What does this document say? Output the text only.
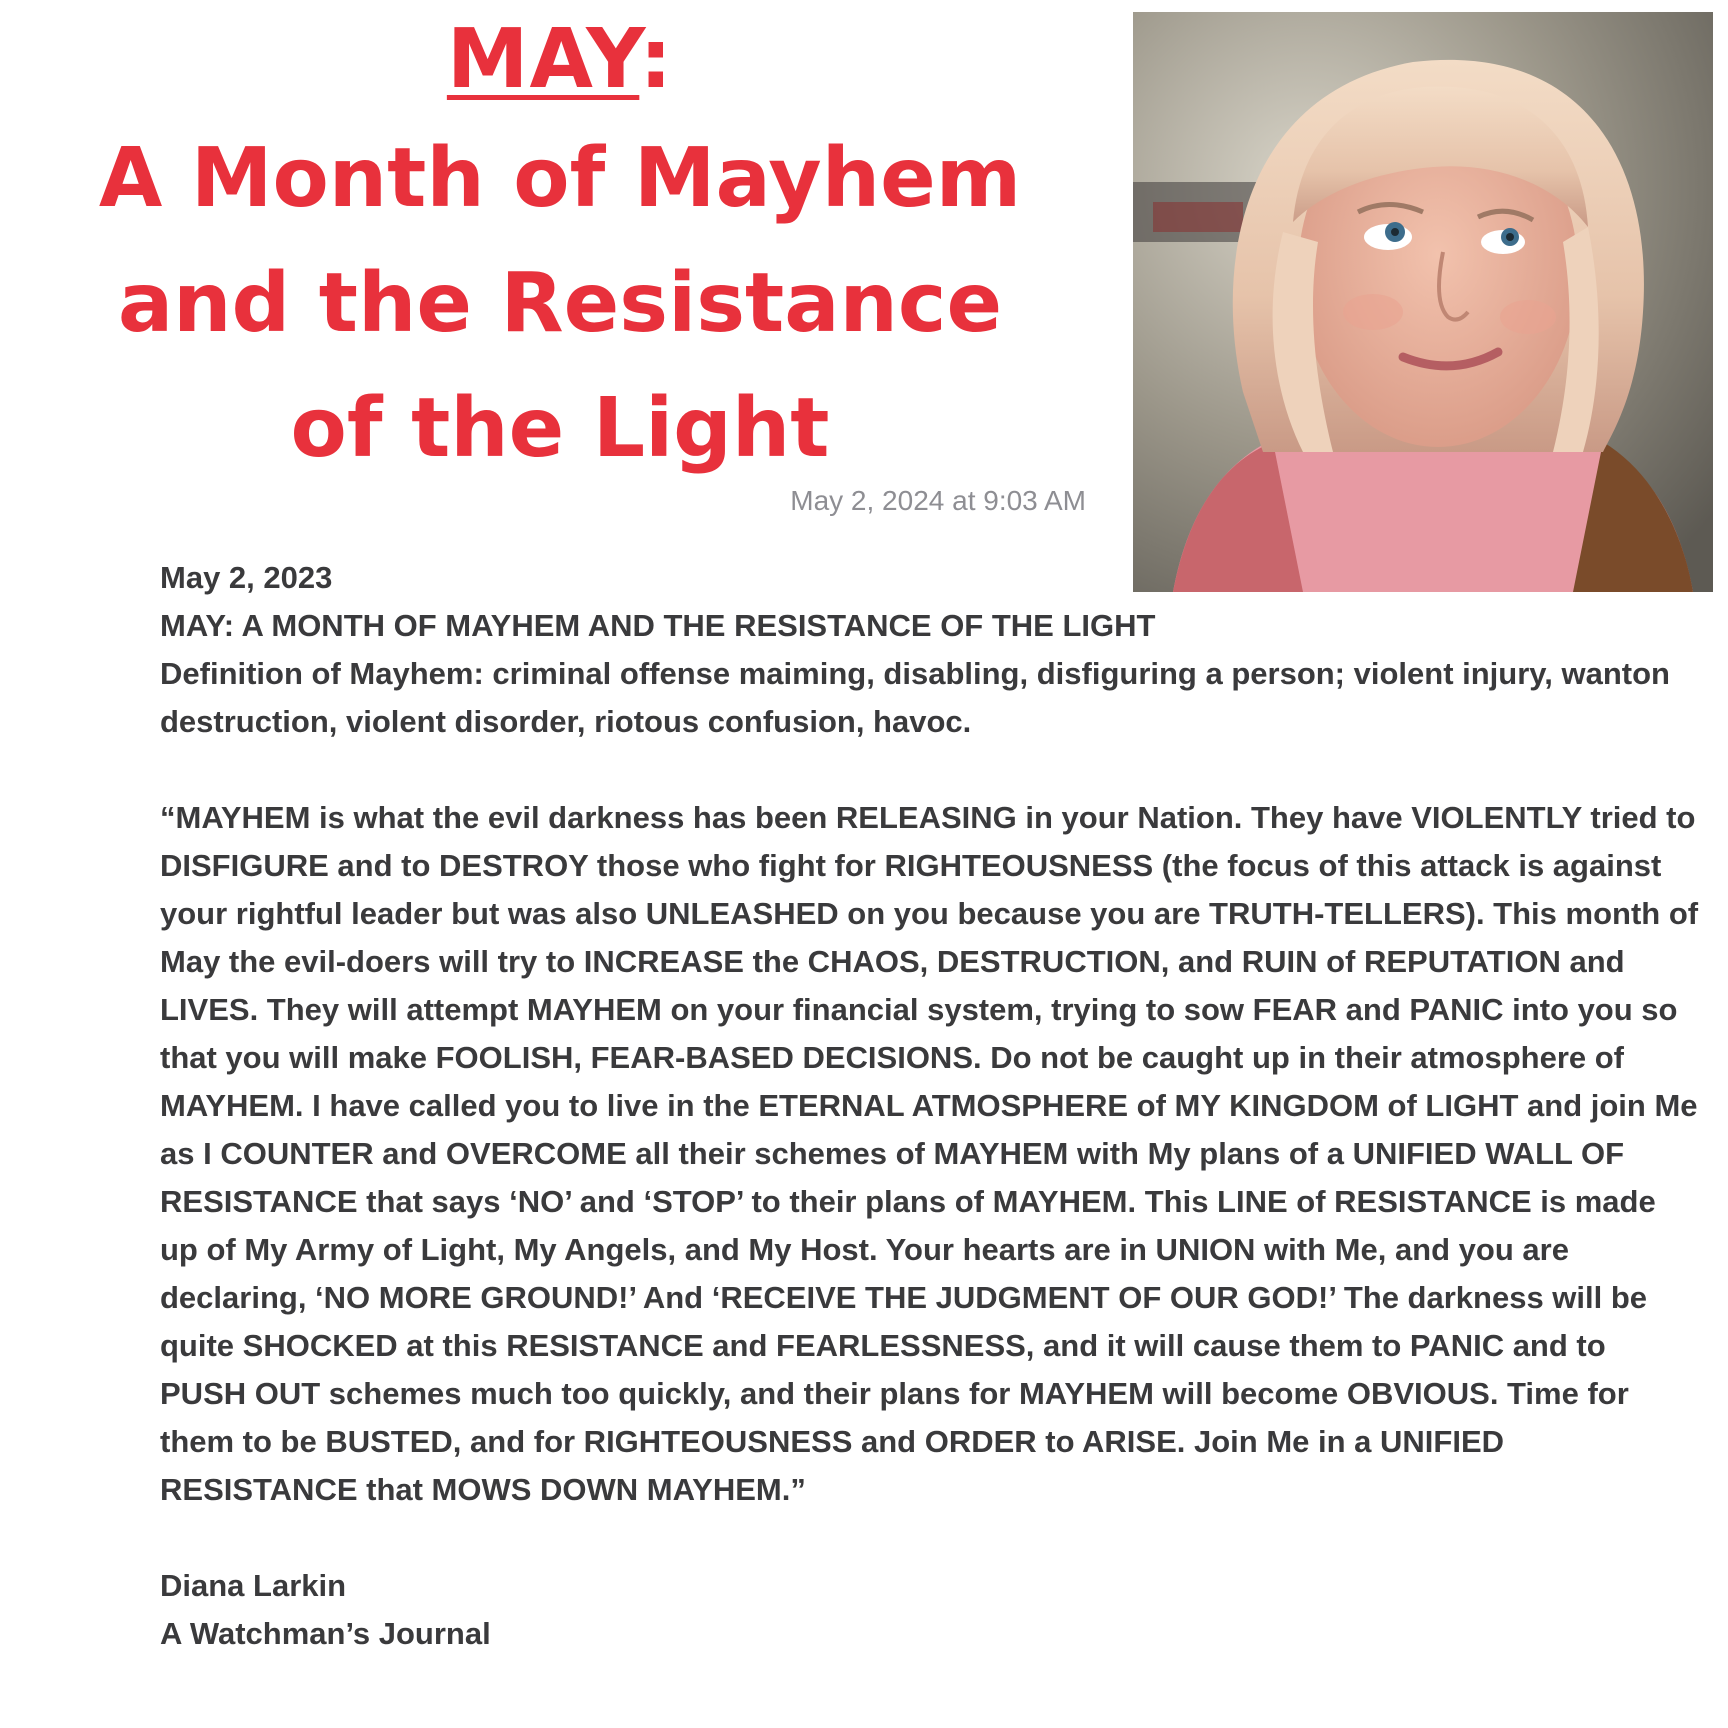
MAY:
A Month of Mayhem
and the Resistance
of the Light
May 2, 2024 at 9:03 AM

May 2, 2023

MAY: A MONTH OF MAYHEM AND THE RESISTANCE OF THE LIGHT

Definition of Mayhem: criminal offense maiming, disabling, disfiguring a person; violent injury, wanton destruction, violent disorder, riotous confusion, havoc.

“MAYHEM is what the evil darkness has been RELEASING in your Nation. They have VIOLENTLY tried to DISFIGURE and to DESTROY those who fight for RIGHTEOUSNESS (the focus of this attack is against your rightful leader but was also UNLEASHED on you because you are TRUTH-TELLERS). This month of May the evil-doers will try to INCREASE the CHAOS, DESTRUCTION, and RUIN of REPUTATION and LIVES. They will attempt MAYHEM on your financial system, trying to sow FEAR and PANIC into you so that you will make FOOLISH, FEAR-BASED DECISIONS. Do not be caught up in their atmosphere of MAYHEM. I have called you to live in the ETERNAL ATMOSPHERE of MY KINGDOM of LIGHT and join Me as I COUNTER and OVERCOME all their schemes of MAYHEM with My plans of a UNIFIED WALL OF RESISTANCE that says ‘NO’ and ‘STOP’ to their plans of MAYHEM. This LINE of RESISTANCE is made up of My Army of Light, My Angels, and My Host. Your hearts are in UNION with Me, and you are declaring, ‘NO MORE GROUND!’ And ‘RECEIVE THE JUDGMENT OF OUR GOD!’ The darkness will be quite SHOCKED at this RESISTANCE and FEARLESSNESS, and it will cause them to PANIC and to PUSH OUT schemes much too quickly, and their plans for MAYHEM will become OBVIOUS. Time for them to be BUSTED, and for RIGHTEOUSNESS and ORDER to ARISE. Join Me in a UNIFIED RESISTANCE that MOWS DOWN MAYHEM.”

Diana Larkin

A Watchman’s Journal
